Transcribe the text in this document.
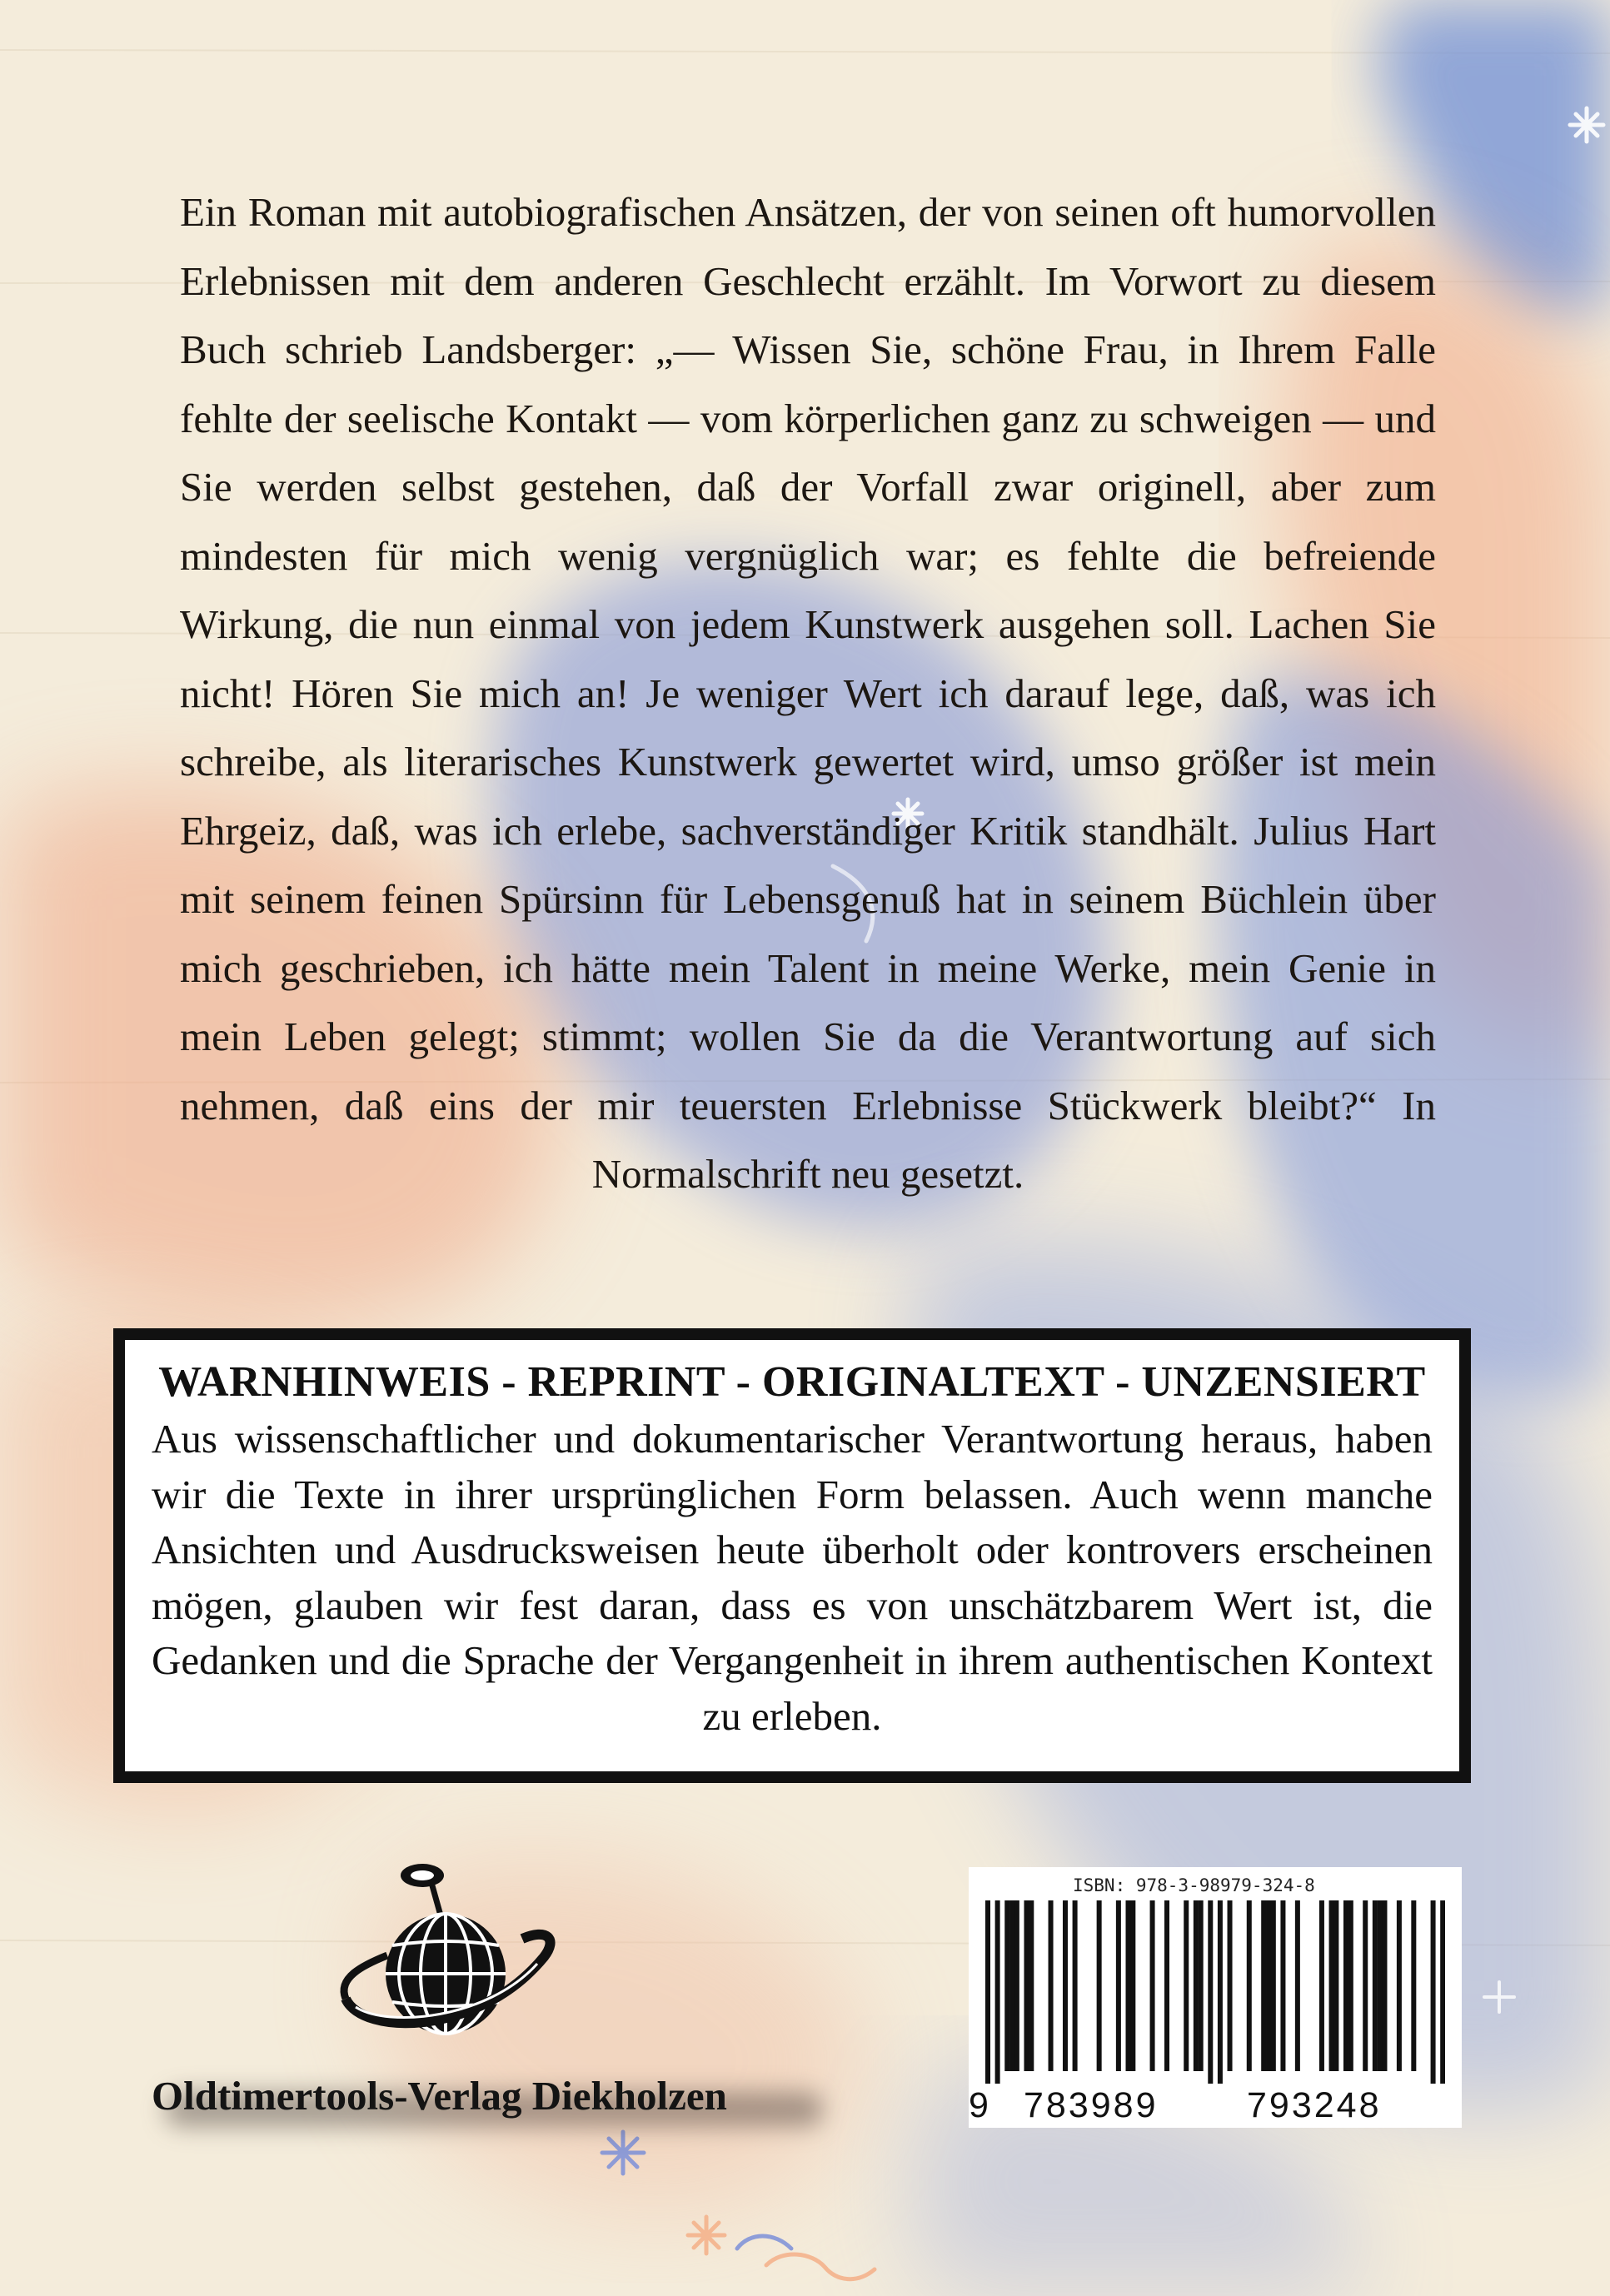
Ein Roman mit autobiografischen Ansätzen, der von seinen oft humorvollen Erlebnissen mit dem anderen Geschlecht erzählt. Im Vorwort zu diesem Buch schrieb Landsberger: „— Wissen Sie, schöne Frau, in Ihrem Falle fehlte der seelische Kontakt — vom körperlichen ganz zu schweigen — und Sie werden selbst gestehen, daß der Vorfall zwar originell, aber zum mindesten für mich wenig vergnüglich war; es fehlte die befreiende Wirkung, die nun einmal von jedem Kunstwerk ausgehen soll. Lachen Sie nicht! Hören Sie mich an! Je weniger Wert ich darauf lege, daß, was ich schreibe, als literarisches Kunstwerk gewertet wird, umso größer ist mein Ehrgeiz, daß, was ich erlebe, sachverständiger Kritik standhält. Julius Hart mit seinem feinen Spürsinn für Lebensgenuß hat in seinem Büchlein über mich geschrieben, ich hätte mein Talent in meine Werke, mein Genie in mein Leben gelegt; stimmt; wollen Sie da die Verantwortung auf sich nehmen, daß eins der mir teuersten Erlebnisse Stückwerk bleibt?“ In Normalschrift neu gesetzt.

WARNHINWEIS - REPRINT - ORIGINALTEXT - UNZENSIERT

Aus wissenschaftlicher und dokumentarischer Verantwortung heraus, haben wir die Texte in ihrer ursprünglichen Form belassen. Auch wenn manche Ansichten und Ausdrucksweisen heute überholt oder kontrovers erscheinen mögen, glauben wir fest daran, dass es von unschätzbarem Wert ist, die Gedanken und die Sprache der Vergangenheit in ihrem authentischen Kontext zu erleben.

Oldtimertools-Verlag Diekholzen

ISBN: 978-3-98979-324-8
9 783989 793248
